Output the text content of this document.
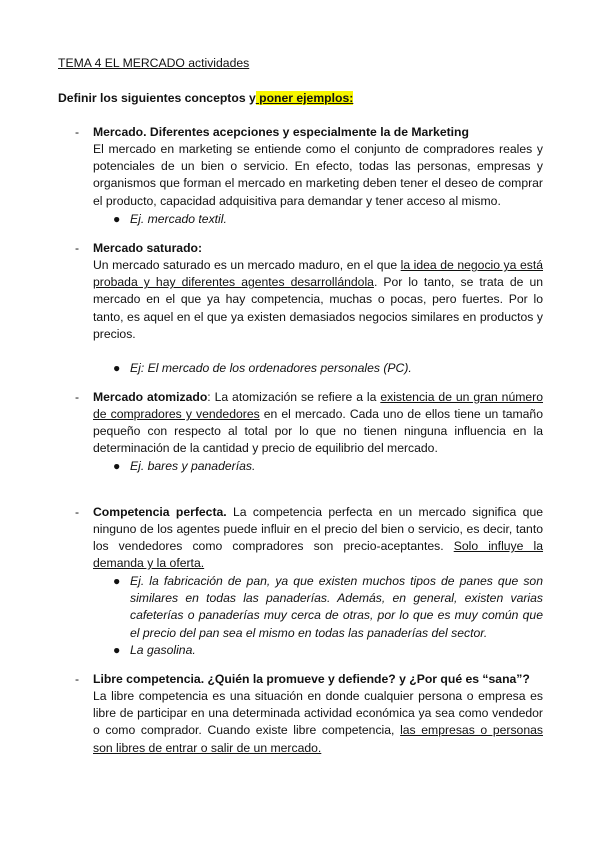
TEMA 4 EL MERCADO actividades
Definir los siguientes conceptos y poner ejemplos:
- Mercado. Diferentes acepciones y especialmente la de Marketing
El mercado en marketing se entiende como el conjunto de compradores reales y potenciales de un bien o servicio. En efecto, todas las personas, empresas y organismos que forman el mercado en marketing deben tener el deseo de comprar el producto, capacidad adquisitiva para demandar y tener acceso al mismo.
● Ej. mercado textil.
- Mercado saturado:
Un mercado saturado es un mercado maduro, en el que la idea de negocio ya está probada y hay diferentes agentes desarrollándola. Por lo tanto, se trata de un mercado en el que ya hay competencia, muchas o pocas, pero fuertes. Por lo tanto, es aquel en el que ya existen demasiados negocios similares en productos y precios.
● Ej: El mercado de los ordenadores personales (PC).
- Mercado atomizado: La atomización se refiere a la existencia de un gran número de compradores y vendedores en el mercado. Cada uno de ellos tiene un tamaño pequeño con respecto al total por lo que no tienen ninguna influencia en la determinación de la cantidad y precio de equilibrio del mercado.
● Ej. bares y panaderías.
- Competencia perfecta. La competencia perfecta en un mercado significa que ninguno de los agentes puede influir en el precio del bien o servicio, es decir, tanto los vendedores como compradores son precio-aceptantes. Solo influye la demanda y la oferta.
● Ej. la fabricación de pan, ya que existen muchos tipos de panes que son similares en todas las panaderías. Además, en general, existen varias cafeterías o panaderías muy cerca de otras, por lo que es muy común que el precio del pan sea el mismo en todas las panaderías del sector.
● La gasolina.
- Libre competencia. ¿Quién la promueve y defiende? y ¿Por qué es “sana”?
La libre competencia es una situación en donde cualquier persona o empresa es libre de participar en una determinada actividad económica ya sea como vendedor o como comprador. Cuando existe libre competencia, las empresas o personas son libres de entrar o salir de un mercado.
